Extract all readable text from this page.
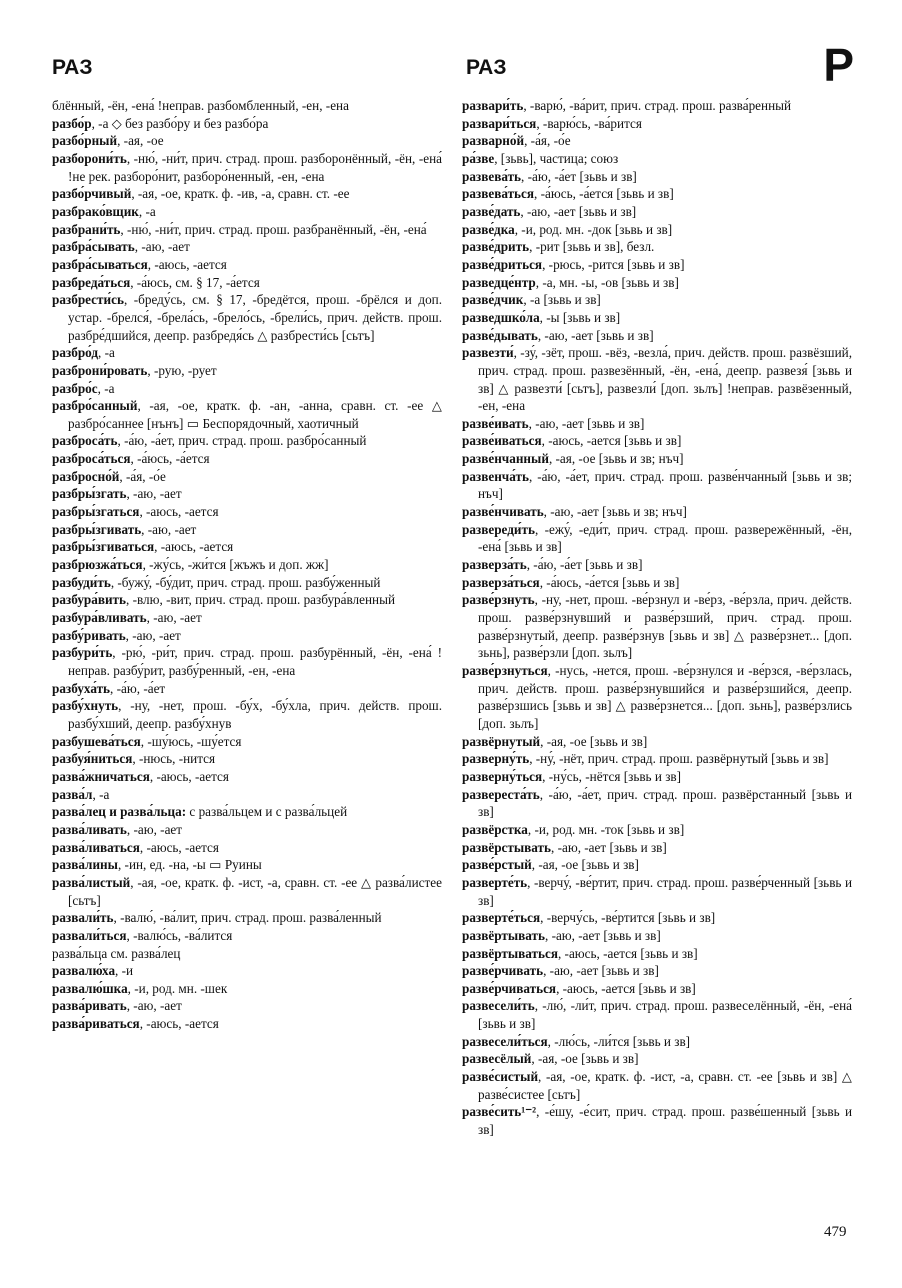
РАЗ	РАЗ	Р

блённый, -ён, -ена́ !неправ. разбомбленный, -ен, -ена

разбо́р, -а ◇ без разбо́ру и без разбо́ра

разбо́рный, -ая, -ое

разборони́ть, -ню́, -ни́т, прич. страд. прош. разборонённый, -ён, -ена́ !не рек. разборо́нит, разборо́ненный, -ен, -ена

разбо́рчивый, -ая, -ое, кратк. ф. -ив, -а, сравн. ст. -ее

разбрако́вщик, -а

разбрани́ть, -ню́, -ни́т, прич. страд. прош. разбранённый, -ён, -ена́

разбра́сывать, -аю, -ает

разбра́сываться, -аюсь, -ается

разбреда́ться, -а́юсь, см. § 17, -а́ется

разбрести́сь, -бреду́сь, см. § 17, -бредётся, прош. -брёлся и доп. устар. -брелся́, -брела́сь, -брело́сь, -брели́сь, прич. действ. прош. разбре́дшийся, деепр. разбредя́сь △ разбрести́сь [сьтъ]

разбро́д, -а

разброни́ровать, -рую, -рует

разбро́с, -а

разбро́санный, -ая, -ое, кратк. ф. -ан, -анна, сравн. ст. -ее △ разбро́саннее [нънъ] ▭ Беспорядочный, хаотичный

разброса́ть, -а́ю, -а́ет, прич. страд. прош. разбро́санный

разброса́ться, -а́юсь, -а́ется

разбросно́й, -а́я, -о́е

разбры́згать, -аю, -ает

разбры́згаться, -аюсь, -ается

разбры́згивать, -аю, -ает

разбры́згиваться, -аюсь, -ается

разбрюзжа́ться, -жу́сь, -жи́тся [жъжъ и доп. жж]

разбуди́ть, -бужу́, -бу́дит, прич. страд. прош. разбу́женный

разбура́вить, -влю, -вит, прич. страд. прош. разбура́вленный

разбура́вливать, -аю, -ает

разбу́ривать, -аю, -ает

разбури́ть, -рю́, -ри́т, прич. страд. прош. разбурённый, -ён, -ена́ !неправ. разбу́рит, разбу́ренный, -ен, -ена

разбуха́ть, -а́ю, -а́ет

разбу́хнуть, -ну, -нет, прош. -бу́х, -бу́хла, прич. действ. прош. разбу́хший, деепр. разбу́хнув

разбушева́ться, -шу́юсь, -шу́ется

разбуя́ниться, -нюсь, -нится

разва́жничаться, -аюсь, -ается

разва́л, -а

разва́лец и разва́льца: с разва́льцем и с разва́льцей

разва́ливать, -аю, -ает

разва́ливаться, -аюсь, -ается

разва́лины, -ин, ед. -на, -ы ▭ Руины

разва́листый, -ая, -ое, кратк. ф. -ист, -а, сравн. ст. -ее △ разва́листее [сьтъ]

развали́ть, -валю́, -ва́лит, прич. страд. прош. разва́ленный

развали́ться, -валю́сь, -ва́лится

разва́льца см. разва́лец

развалю́ха, -и

развалю́шка, -и, род. мн. -шек

разва́ривать, -аю, -ает

разва́риваться, -аюсь, -ается

развари́ть, -варю́, -ва́рит, прич. страд. прош. разва́ренный

развари́ться, -варю́сь, -ва́рится

разварно́й, -а́я, -о́е

ра́зве, [зьвь], частица; союз

развева́ть, -а́ю, -а́ет [зьвь и зв]

развева́ться, -а́юсь, -а́ется [зьвь и зв]

разве́дать, -аю, -ает [зьвь и зв]

разве́дка, -и, род. мн. -док [зьвь и зв]

разве́дрить, -рит [зьвь и зв], безл.

разве́дриться, -рюсь, -рится [зьвь и зв]

разведце́нтр, -а, мн. -ы, -ов [зьвь и зв]

разве́дчик, -а [зьвь и зв]

разведшко́ла, -ы [зьвь и зв]

разве́дывать, -аю, -ает [зьвь и зв]

развезти́, -зу́, -зёт, прош. -вёз, -везла́, прич. действ. прош. развёзший, прич. страд. прош. развезённый, -ён, -ена́, деепр. развезя́ [зьвь и зв] △ развезти́ [сьтъ], развезли́ [доп. зьлъ] !неправ. развёзенный, -ен, -ена

разве́ивать, -аю, -ает [зьвь и зв]

разве́иваться, -аюсь, -ается [зьвь и зв]

разве́нчанный, -ая, -ое [зьвь и зв; нъч]

развенча́ть, -а́ю, -а́ет, прич. страд. прош. разве́нчанный [зьвь и зв; нъч]

разве́нчивать, -аю, -ает [зьвь и зв; нъч]

развереди́ть, -ежу́, -еди́т, прич. страд. прош. развережённый, -ён, -ена́ [зьвь и зв]

разверза́ть, -а́ю, -а́ет [зьвь и зв]

разверза́ться, -а́юсь, -а́ется [зьвь и зв]

разве́рзнуть, -ну, -нет, прош. -ве́рзнул и -ве́рз, -ве́рзла, прич. действ. прош. разве́рзнувший и разве́рзший, прич. страд. прош. разве́рзнутый, деепр. разве́рзнув [зьвь и зв] △ разве́рзнет... [доп. зьнь], разве́рзли [доп. зьлъ]

разве́рзнуться, -нусь, -нется, прош. -ве́рзнулся и -ве́рзся, -ве́рзлась, прич. действ. прош. разве́рзнувшийся и разве́рзшийся, деепр. разве́рзшись [зьвь и зв] △ разве́рзнется... [доп. зьнь], разве́рзлись [доп. зьлъ]

развёрнутый, -ая, -ое [зьвь и зв]

разверну́ть, -ну́, -нёт, прич. страд. прош. развёрнутый [зьвь и зв]

разверну́ться, -ну́сь, -нётся [зьвь и зв]

развереста́ть, -а́ю, -а́ет, прич. страд. прош. развёрстанный [зьвь и зв]

развёрстка, -и, род. мн. -ток [зьвь и зв]

развёрстывать, -аю, -ает [зьвь и зв]

разве́рстый, -ая, -ое [зьвь и зв]

разверте́ть, -верчу́, -ве́ртит, прич. страд. прош. разве́рченный [зьвь и зв]

разверте́ться, -верчу́сь, -ве́ртится [зьвь и зв]

развёртывать, -аю, -ает [зьвь и зв]

развёртываться, -аюсь, -ается [зьвь и зв]

разве́рчивать, -аю, -ает [зьвь и зв]

разве́рчиваться, -аюсь, -ается [зьвь и зв]

развесели́ть, -лю́, -ли́т, прич. страд. прош. развеселённый, -ён, -ена́ [зьвь и зв]

развесели́ться, -лю́сь, -ли́тся [зьвь и зв]

развесёлый, -ая, -ое [зьвь и зв]

разве́систый, -ая, -ое, кратк. ф. -ист, -а, сравн. ст. -ее [зьвь и зв] △ разве́систее [сьтъ]

разве́сить¹⁻², -е́шу, -е́сит, прич. страд. прош. разве́шенный [зьвь и зв]

479
